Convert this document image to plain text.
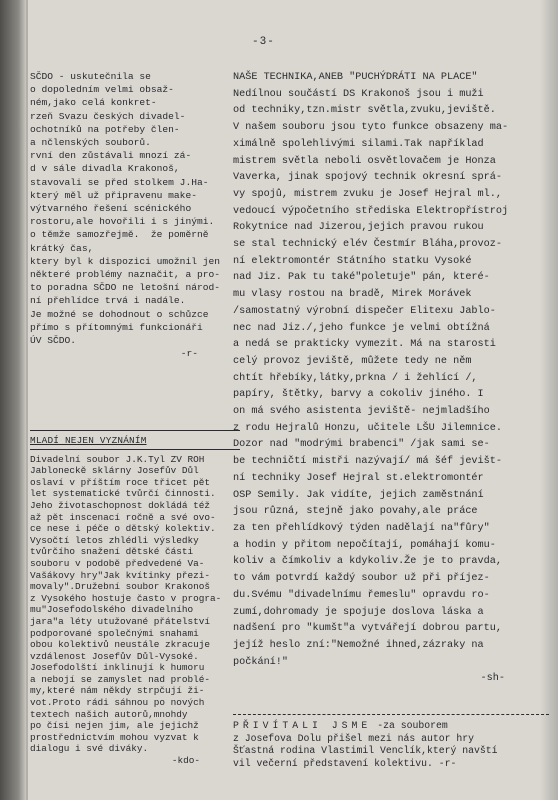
-3-

SČDO - uskutečnila se

o dopoledním velmi obsaž-

ném,jako celá konkret-

rzeň Svazu českých divadel-

ochotníků na potřeby člen-

a nčlenských souborů.

rvní den zůstávali mnozí zá-

d v sále divadla Krakonoš,

stavovali se před stolkem J.Ha-

který měl už připravenu make-

výtvarného řešení scénického

rostoru,ale hovořili i s jinými.

o těmže samozřejmě.  že poměrně krátký čas,

ktery byl k dispozici umožnil jen

některé problémy naznačit, a pro-

to poradna SČDO ne letošní národ-

ní přehlídce trvá i nadále.

Je možné se dohodnout o schůzce

přímo s přítomnými funkcionáři

ÚV SČDO.

-r-

MLADÍ NEJEN VYZNÁNÍM

Divadelní soubor J.K.Tyl ZV ROH

Jabloneckě sklárny Josefův Důl

oslaví v příštím roce třicet pět

let systematické tvůrčí činnosti.

Jeho životaschopnost dokládá též

až pět inscenací ročně a své ovo-

ce nese i péče o dětský kolektiv.

Vysočtí letos zhlédli výsledky

tvůrčího snažení dětské části

souboru v podobě předvedené Va-

Vašákovy hry"Jak kvítinky přezi-

movaly".Družební soubor Krakonoš

z Vysokého hostuje často v progra-

mu"Josefodolského divadelního

jara"a léty utužované přátelství

podporované společnými snahami

obou kolektivů neustále zkracuje

vzdálenost Josefův Důl-Vysoké.

Josefodolští inklinují k humoru

a nebojí se zamyslet nad problé-

my,které nám někdy strpčují ži-

vot.Proto rádi sáhnou po nových

textech našich autorů,mnohdy

po čísi nejen jim, ale jejichž

prostřednictvím mohou vyzvat k

dialogu i své diváky.

-kdo-

NAŠE TECHNIKA,ANEB "PUCHÝDRÁTI NA PLACE"

Nedílnou součástí DS Krakonoš jsou i muži

od techniky,tzn.mistr světla,zvuku,jeviště.

V našem souboru jsou tyto funkce obsazeny ma-

ximálně spolehlivými silami.Tak například

mistrem světla neboli osvětlovačem je Honza

Vaverka, jinak spojový technik okresní sprá-

vy spojů, mistrem zvuku je Josef Hejral ml.,

vedoucí výpočetního střediska Elektropřístroj

Rokytnice nad Jizerou,jejich pravou rukou

se stal technický elév Čestmír Bláha,provoz-

ní elektromontér Státního statku Vysoké

nad Jiz. Pak tu také"poletuje" pán, které-

mu vlasy rostou na bradě, Mirek Morávek

/samostatný výrobní dispečer Elitexu Jablo-

nec nad Jiz./,jeho funkce je velmi obtížná

a nedá se prakticky vymezit. Má na starosti

celý provoz jeviště, můžete tedy ne něm

chtít hřebíky,látky,prkna / i žehlící /,

papíry, štětky, barvy a cokoliv jiného. I

on má svého asistenta jeviště- nejmladšího

z rodu Hejralů Honzu, učitele LŠU Jilemnice.

Dozor nad "modrými brabenci" /jak sami se-

be techničtí mistři nazývají/ má šéf jevišt-

ní techniky Josef Hejral st.elektromontér

OSP Semily. Jak vidíte, jejich zaměstnání

jsou různá, stejně jako povahy,ale práce

za ten přehlídkový týden nadělají na"fůry"

a hodin y přitom nepočítají, pomáhají komu-

koliv a čímkoliv a kdykoliv.Že je to pravda,

to vám potvrdí každý soubor už při příjez-

du.Svému "divadelnímu řemeslu" opravdu ro-

zumí,dohromady je spojuje doslova láska a

nadšení pro "kumšt"a vytvářejí dobrou partu,

jejíž heslo zní:"Nemožné ihned,zázraky na

počkání!"

-sh-

PŘIVÍTALI JSME -za souborem

z Josefova Dolu přišel mezi nás autor hry

Šťastná rodina Vlastimil Venclík,který navští

vil večerní představení kolektivu. -r-
